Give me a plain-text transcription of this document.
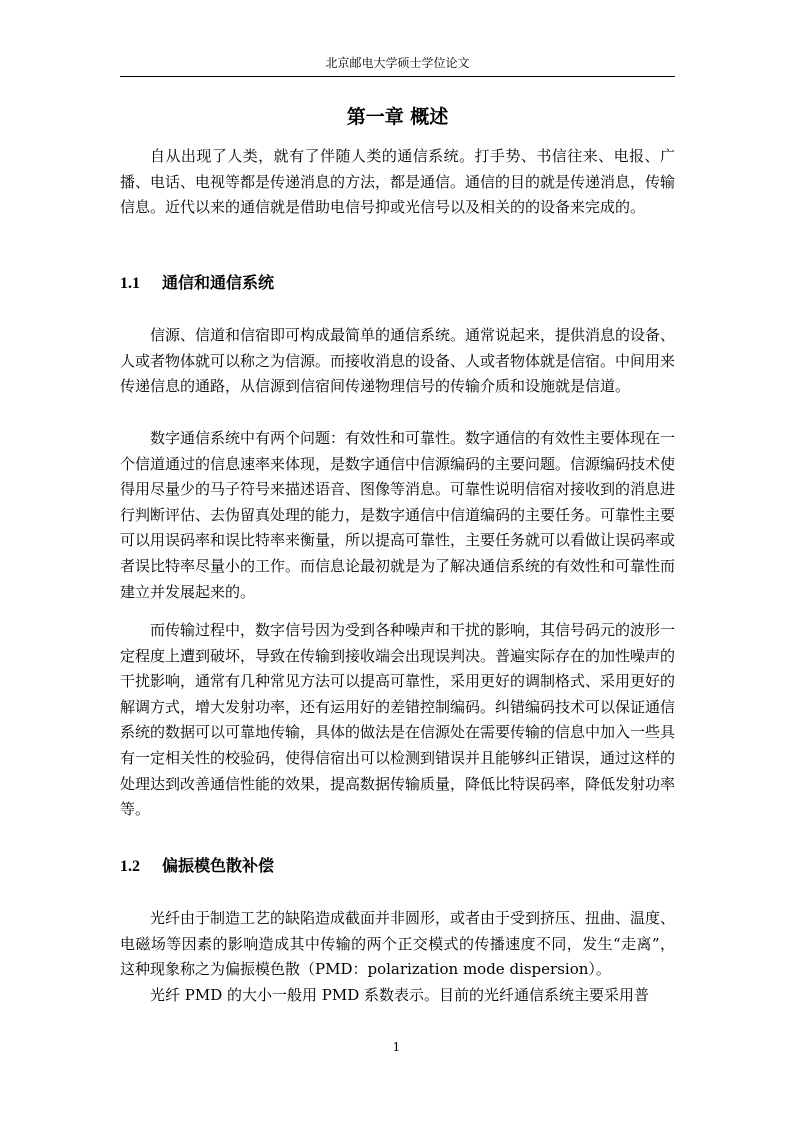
北京邮电大学硕士学位论文
第一章 概述

自从出现了人类，就有了伴随人类的通信系统。打手势、书信往来、电报、广播、电话、电视等都是传递消息的方法，都是通信。通信的目的就是传递消息，传输信息。近代以来的通信就是借助电信号抑或光信号以及相关的的设备来完成的。

1.1 通信和通信系统

信源、信道和信宿即可构成最简单的通信系统。通常说起来，提供消息的设备、人或者物体就可以称之为信源。而接收消息的设备、人或者物体就是信宿。中间用来传递信息的通路，从信源到信宿间传递物理信号的传输介质和设施就是信道。

数字通信系统中有两个问题：有效性和可靠性。数字通信的有效性主要体现在一个信道通过的信息速率来体现，是数字通信中信源编码的主要问题。信源编码技术使得用尽量少的马子符号来描述语音、图像等消息。可靠性说明信宿对接收到的消息进行判断评估、去伪留真处理的能力，是数字通信中信道编码的主要任务。可靠性主要可以用误码率和误比特率来衡量，所以提高可靠性，主要任务就可以看做让误码率或者误比特率尽量小的工作。而信息论最初就是为了解决通信系统的有效性和可靠性而建立并发展起来的。

而传输过程中，数字信号因为受到各种噪声和干扰的影响，其信号码元的波形一定程度上遭到破坏，导致在传输到接收端会出现误判决。普遍实际存在的加性噪声的干扰影响，通常有几种常见方法可以提高可靠性，采用更好的调制格式、采用更好的解调方式，增大发射功率，还有运用好的差错控制编码。纠错编码技术可以保证通信系统的数据可以可靠地传输，具体的做法是在信源处在需要传输的信息中加入一些具有一定相关性的校验码，使得信宿出可以检测到错误并且能够纠正错误，通过这样的处理达到改善通信性能的效果，提高数据传输质量，降低比特误码率，降低发射功率等。

1.2 偏振模色散补偿

光纤由于制造工艺的缺陷造成截面并非圆形，或者由于受到挤压、扭曲、温度、电磁场等因素的影响造成其中传输的两个正交模式的传播速度不同，发生“走离”，这种现象称之为偏振模色散（PMD：polarization mode dispersion）。

光纤 PMD 的大小一般用 PMD 系数表示。目前的光纤通信系统主要采用普

1
